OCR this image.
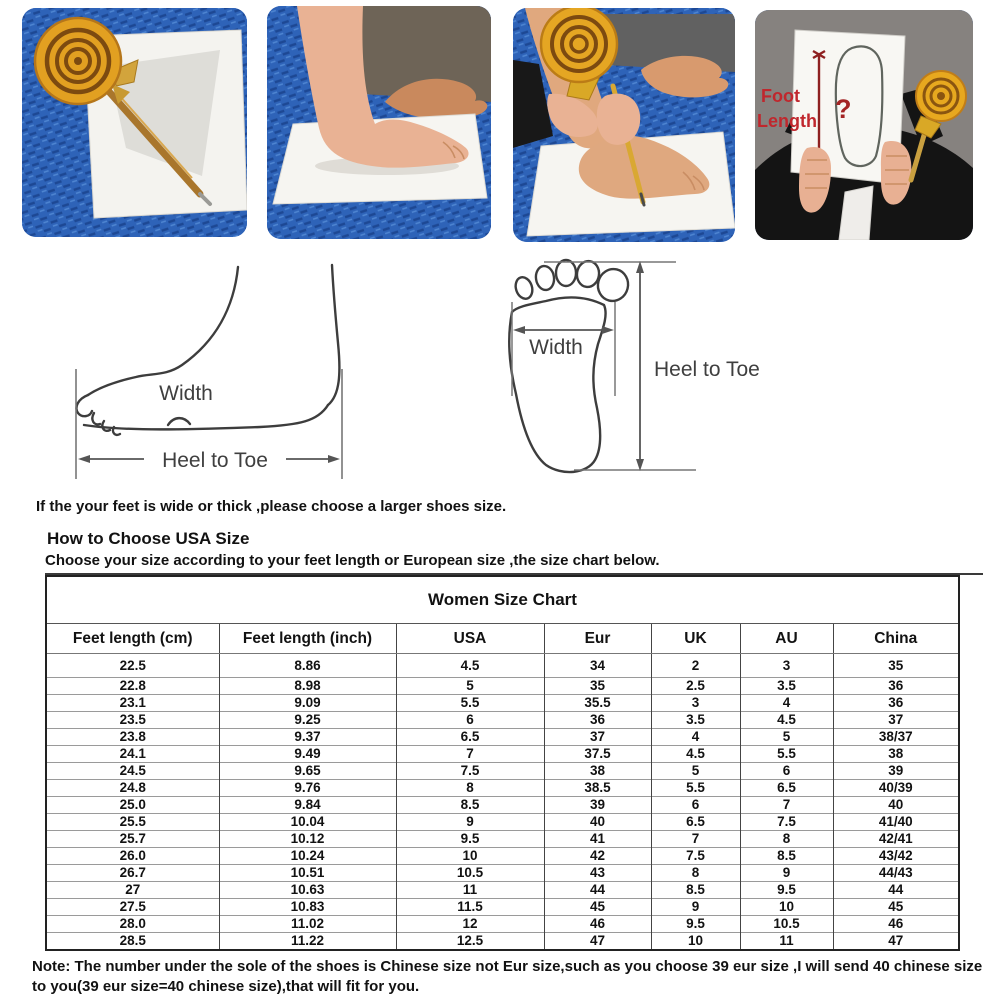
?
Foot
Length
Width
Heel to Toe
Width
Heel to Toe
If the your feet is wide or thick ,please choose a larger shoes size.
How to Choose USA Size
Choose your size according to your feet length or European size ,the size chart below.
Women Size Chart						
Feet length (cm)	Feet length (inch)	USA	Eur	UK	AU	China
22.5	8.86	4.5	34	2	3	35
22.8	8.98	5	35	2.5	3.5	36
23.1	9.09	5.5	35.5	3	4	36
23.5	9.25	6	36	3.5	4.5	37
23.8	9.37	6.5	37	4	5	38/37
24.1	9.49	7	37.5	4.5	5.5	38
24.5	9.65	7.5	38	5	6	39
24.8	9.76	8	38.5	5.5	6.5	40/39
25.0	9.84	8.5	39	6	7	40
25.5	10.04	9	40	6.5	7.5	41/40
25.7	10.12	9.5	41	7	8	42/41
26.0	10.24	10	42	7.5	8.5	43/42
26.7	10.51	10.5	43	8	9	44/43
27	10.63	11	44	8.5	9.5	44
27.5	10.83	11.5	45	9	10	45
28.0	11.02	12	46	9.5	10.5	46
28.5	11.22	12.5	47	10	11	47
Note: The number under the sole of the shoes is Chinese size not Eur size,such as you choose 39 eur size ,I will send 40 chinese size to you(39 eur size=40 chinese size),that will fit for you.
